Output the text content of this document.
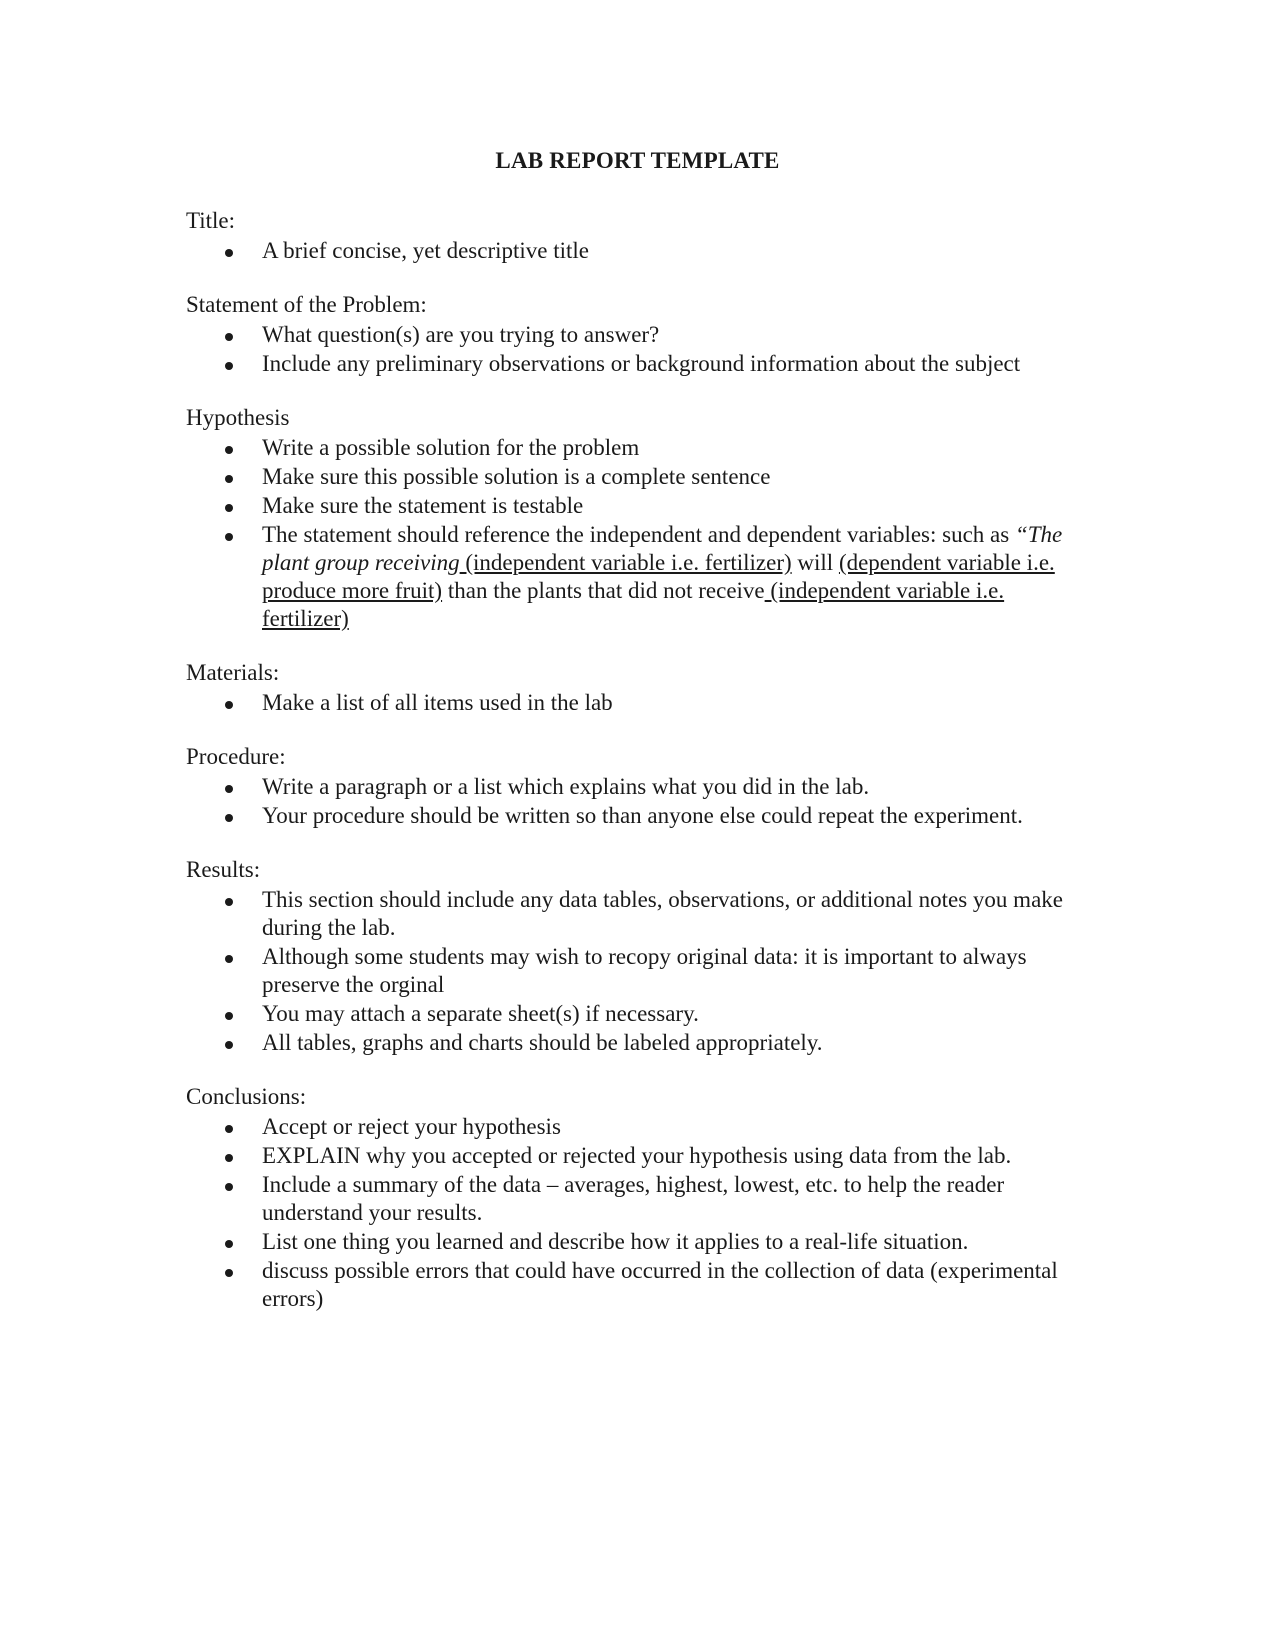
LAB REPORT TEMPLATE
Title:
A brief concise, yet descriptive title
Statement of the Problem:
What question(s) are you trying to answer?
Include any preliminary observations or background information about the subject
Hypothesis
Write a possible solution for the problem
Make sure this possible solution is a complete sentence
Make sure the statement is testable
The statement should reference the independent and dependent variables: such as “The plant group receiving (independent variable i.e. fertilizer) will (dependent variable i.e. produce more fruit) than the plants that did not receive (independent variable i.e. fertilizer)
Materials:
Make a list of all items used in the lab
Procedure:
Write a paragraph or a list which explains what you did in the lab.
Your procedure should be written so than anyone else could repeat the experiment.
Results:
This section should include any data tables, observations, or additional notes you make during the lab.
Although some students may wish to recopy original data: it is important to always preserve the orginal
You may attach a separate sheet(s) if necessary.
All tables, graphs and charts should be labeled appropriately.
Conclusions:
Accept or reject your hypothesis
EXPLAIN why you accepted or rejected your hypothesis using data from the lab.
Include a summary of the data – averages, highest, lowest, etc. to help the reader understand your results.
List one thing you learned and describe how it applies to a real-life situation.
discuss possible errors that could have occurred in the collection of data (experimental errors)
